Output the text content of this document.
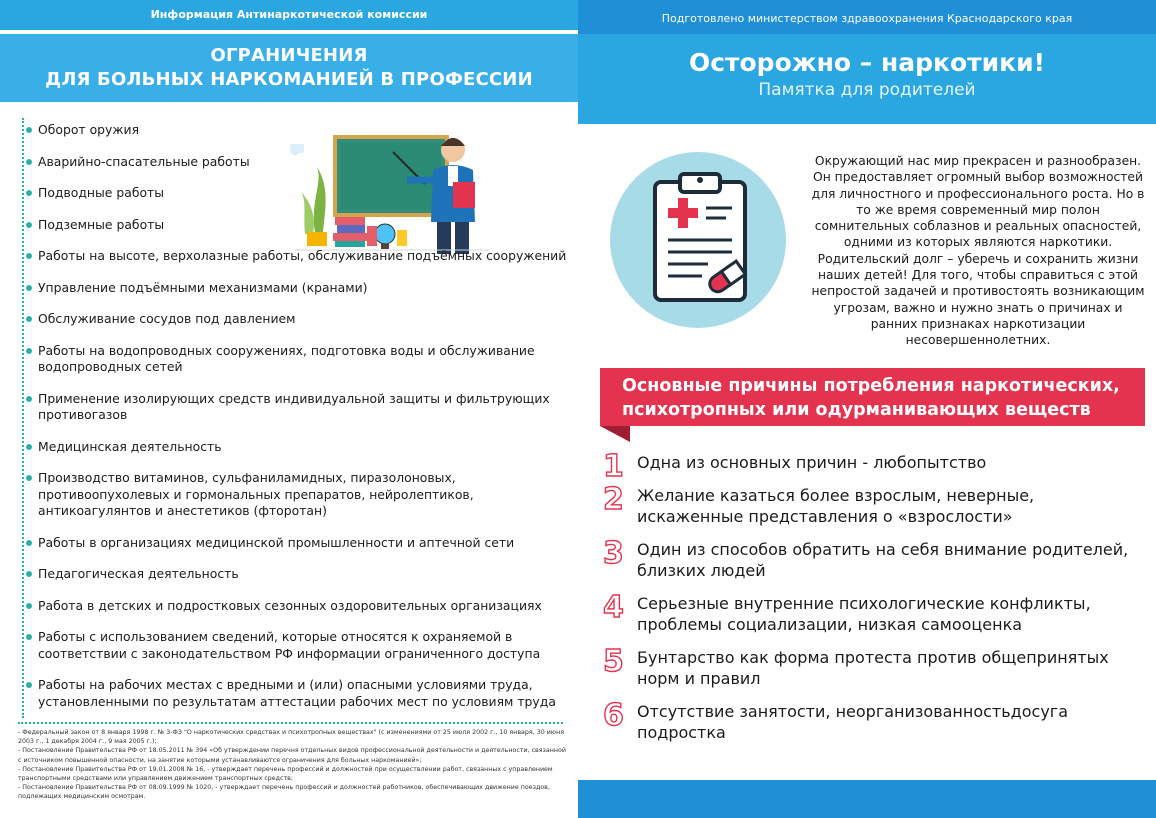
Информация Антинаркотической комиссии
ОГРАНИЧЕНИЯ
ДЛЯ БОЛЬНЫХ НАРКОМАНИЕЙ В ПРОФЕССИИ
Оборот оружия
Аварийно-спасательные работы
Подводные работы
Подземные работы
Работы на высоте, верхолазные работы, обслуживание подъёмных сооружений
Управление подъёмными механизмами (кранами)
Обслуживание сосудов под давлением
Работы на водопроводных сооружениях, подготовка воды и обслуживание водопроводных сетей
Применение изолирующих средств индивидуальной защиты и фильтрующих противогазов
Медицинская деятельность
Производство витаминов, сульфаниламидных, пиразолоновых, противоопухолевых и гормональных препаратов, нейролептиков, антикоагулянтов и анестетиков (фторотан)
Работы в организациях медицинской промышленности и аптечной сети
Педагогическая деятельность
Работа в детских и подростковых сезонных оздоровительных организациях
Работы с использованием сведений, которые относятся к охраняемой в соответствии с законодательством РФ информации ограниченного доступа
Работы на рабочих местах с вредными и (или) опасными условиями труда, установленными по результатам аттестации рабочих мест по условиям труда

- Федеральный закон от 8 января 1998 г. № 3-ФЗ "О наркотических средствах и психотропных веществах" (с изменениями от 25 июля 2002 г., 10 января, 30 июня 2003 г., 1 декабря 2004 г., 9 мая 2005 г.);

- Постановление Правительства РФ от 18.05.2011 № 394 «Об утверждении перечня отдельных видов профессиональной деятельности и деятельности, связанной с источником повышенной опасности, на занятие которыми устанавливаются ограничения для больных наркоманией»;

- Постановление Правительства РФ от 19.01.2008 № 16, - утверждает перечень профессий и должностей при осуществлении работ, связанных с управлением транспортными средствами или управлением движением транспортных средств;

- Постановление Правительства РФ от 08.09.1999 № 1020, - утверждает перечень профессий и должностей работников, обеспечивающих движение поездов, подлежащих медицинским осмотрам.

Подготовлено министерством здравоохранения Краснодарского края
Осторожно – наркотики!
Памятка для родителей
Окружающий нас мир прекрасен и разнообразен. Он предоставляет огромный выбор возможностей для личностного и профессионального роста. Но в то же время современный мир полон сомнительных соблазнов и реальных опасностей, одними из которых являются наркотики. Родительский долг – уберечь и сохранить жизни наших детей! Для того, чтобы справиться с этой непростой задачей и противостоять возникающим угрозам, важно и нужно знать о причинах и ранних признаках наркотизации несовершеннолетних.
Основные причины потребления наркотических,
психотропных или одурманивающих веществ
1 Одна из основных причин - любопытство
2 Желание казаться более взрослым, неверные, искаженные представления о «взрослости»
3 Один из способов обратить на себя внимание родителей, близких людей
4 Серьезные внутренние психологические конфликты, проблемы социализации, низкая самооценка
5 Бунтарство как форма протеста против общепринятых норм и правил
6 Отсутствие занятости, неорганизованностьдосуга подростка
